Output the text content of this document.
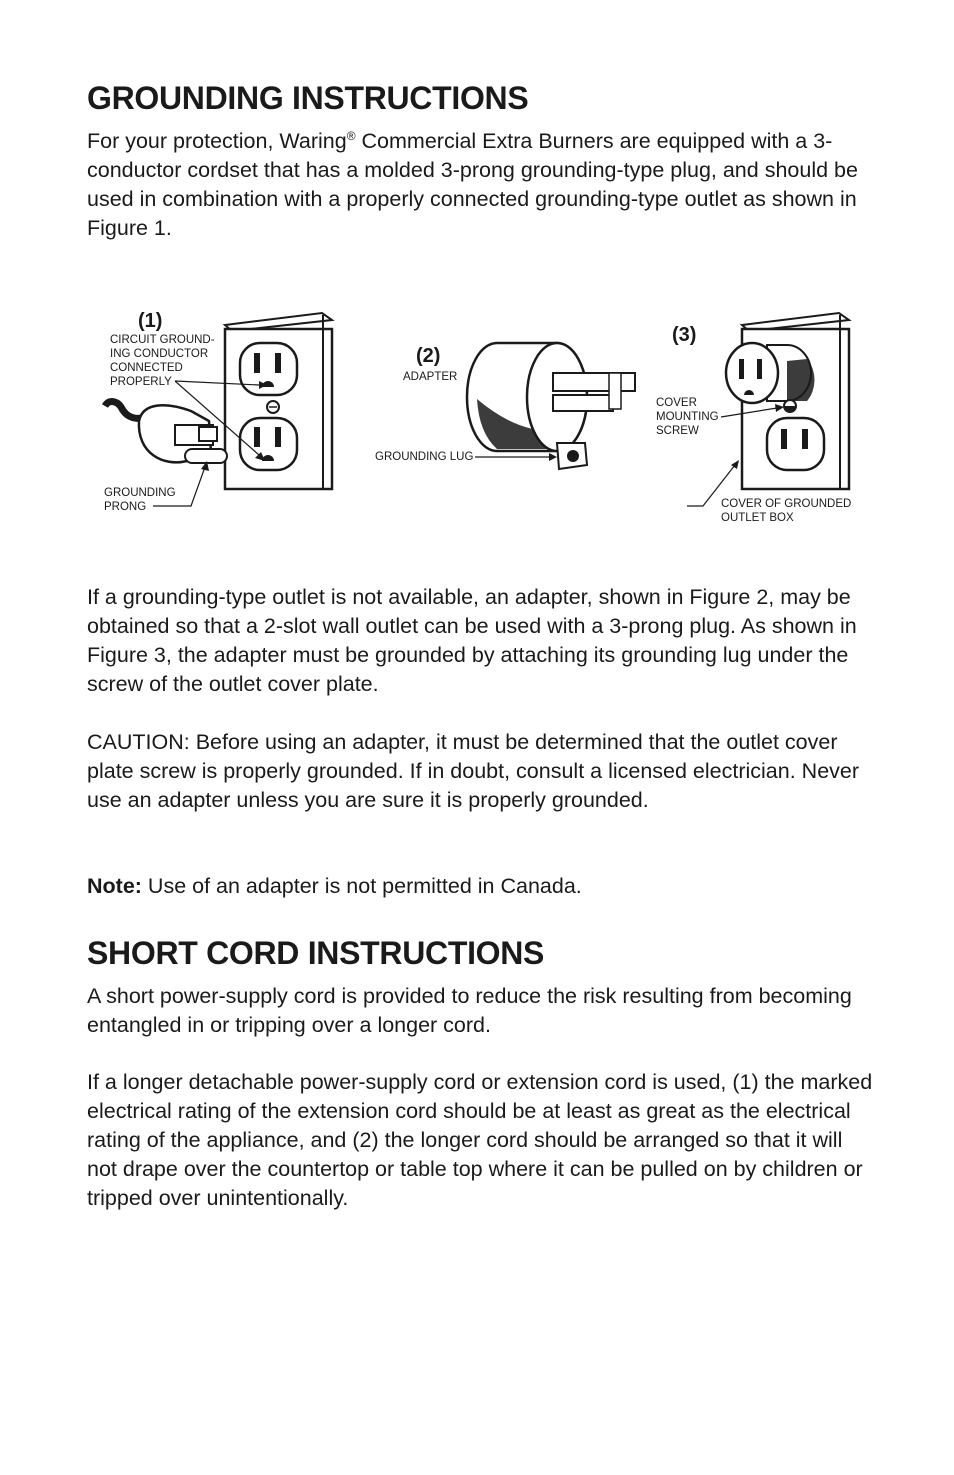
GROUNDING INSTRUCTIONS

For your protection, Waring® Commercial Extra Burners are equipped with a 3-conductor cordset that has a molded 3-prong grounding-type plug, and should be used in combination with a properly connected grounding-type outlet as shown in Figure 1.

(1)
CIRCUIT GROUND-
ING CONDUCTOR
CONNECTED
PROPERLY
GROUNDING
PRONG
(2)
ADAPTER
GROUNDING LUG
(3)
COVER
MOUNTING
SCREW
COVER OF GROUNDED
OUTLET BOX

If a grounding-type outlet is not available, an adapter, shown in Figure 2, may be obtained so that a 2-slot wall outlet can be used with a 3-prong plug. As shown in Figure 3, the adapter must be grounded by attaching its grounding lug under the screw of the outlet cover plate.

CAUTION: Before using an adapter, it must be determined that the outlet cover plate screw is properly grounded. If in doubt, consult a licensed electrician. Never use an adapter unless you are sure it is properly grounded.

Note: Use of an adapter is not permitted in Canada.

SHORT CORD INSTRUCTIONS

A short power-supply cord is provided to reduce the risk resulting from becoming entangled in or tripping over a longer cord.

If a longer detachable power-supply cord or extension cord is used, (1) the marked electrical rating of the extension cord should be at least as great as the electrical rating of the appliance, and (2) the longer cord should be arranged so that it will not drape over the countertop or table top where it can be pulled on by children or tripped over unintentionally.
